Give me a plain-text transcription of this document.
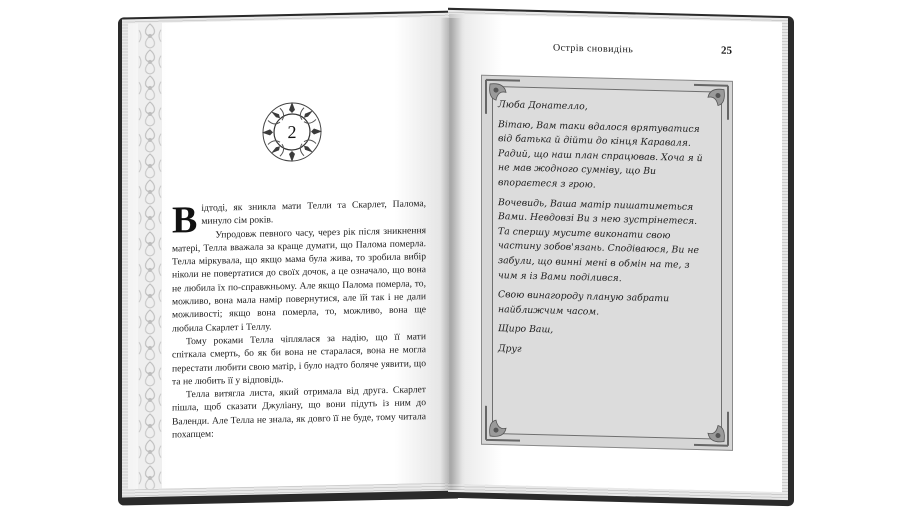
2

Відтоді, як зникла мати Телли та Скарлет, Палома, минуло сім років.

Упродовж певного часу, через рік після зникнення матері, Телла вважала за краще думати, що Палома померла. Телла міркувала, що якщо мама була жива, то зробила вибір ніколи не повертатися до своїх дочок, а це означало, що вона не любила їх по-справжньому. Але якщо Палома померла, то, можливо, вона мала намір повернутися, але їй так і не дали можливості; якщо вона померла, то, можливо, вона ще любила Скарлет і Теллу.

Тому роками Телла чіплялася за надію, що її мати спіткала смерть, бо як би вона не старалася, вона не могла перестати любити свою матір, і було надто боляче уявити, що та не любить її у відповідь.

Телла витягла листа, який отримала від друга. Скарлет пішла, щоб сказати Джуліану, що вони підуть із ним до Валенди. Але Телла не знала, як довго її не буде, тому читала похапцем:

Острів сновидінь	25

Люба Донателло,

Вітаю, Вам таки вдалося врятуватися від батька й дійти до кінця Караваля. Радий, що наш план спрацював. Хоча я й не мав жодного сумніву, що Ви впораєтеся з грою.

Вочевидь, Ваша матір пишатиметься Вами. Невдовзі Ви з нею зустрінетеся. Та спершу мусите виконати свою частину зобов'язань. Сподіваюся, Ви не забули, що винні мені в обмін на те, з чим я із Вами поділився.

Свою винагороду планую забрати найближчим часом.

Щиро Ваш,

Друг
